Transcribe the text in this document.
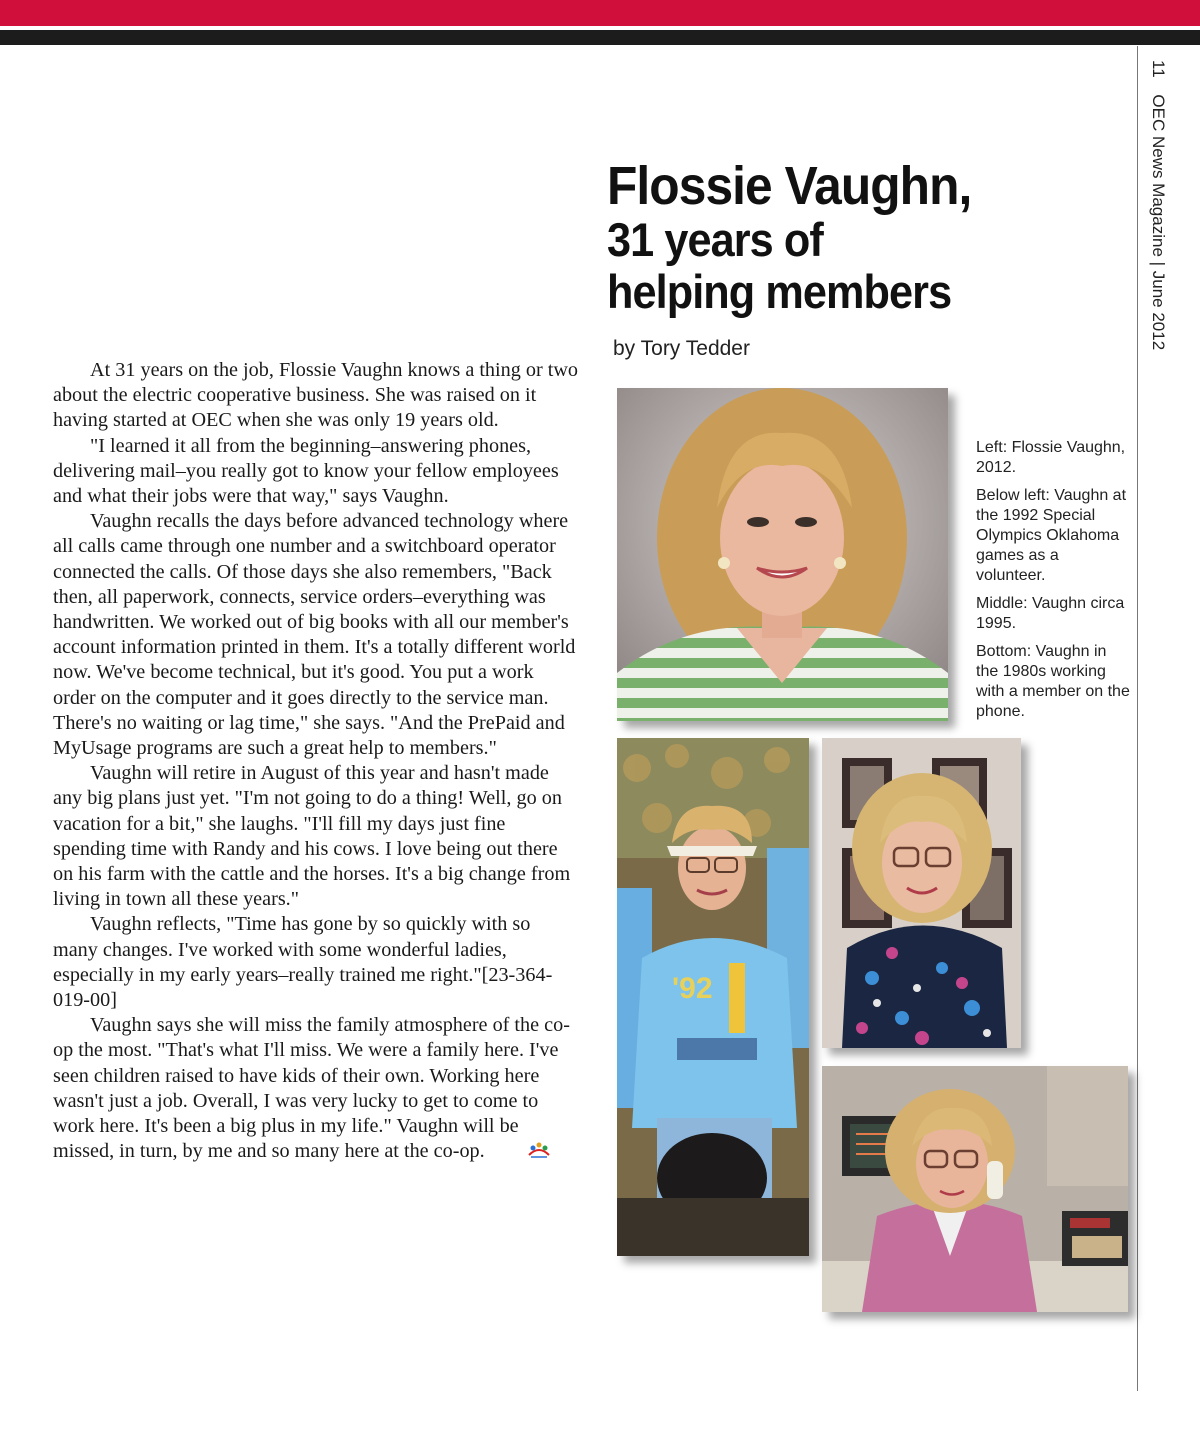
11 OEC News Magazine | June 2012
Flossie Vaughn,
31 years of
helping members
by Tory Tedder

At 31 years on the job, Flossie Vaughn knows a thing or two about the electric cooperative business. She was raised on it having started at OEC when she was only 19 years old.

"I learned it all from the beginning–answering phones, delivering mail–you really got to know your fellow employees and what their jobs were that way," says Vaughn.

Vaughn recalls the days before advanced technology where all calls came through one number and a switchboard operator connected the calls. Of those days she also remembers, "Back then, all paperwork, connects, service orders–everything was handwritten. We worked out of big books with all our member's account information printed in them. It's a totally different world now. We've become technical, but it's good. You put a work order on the computer and it goes directly to the service man. There's no waiting or lag time," she says. "And the PrePaid and MyUsage programs are such a great help to members."

Vaughn will retire in August of this year and hasn't made any big plans just yet. "I'm not going to do a thing! Well, go on vacation for a bit," she laughs. "I'll fill my days just fine spending time with Randy and his cows. I love being out there on his farm with the cattle and the horses. It's a big change from living in town all these years."

Vaughn reflects, "Time has gone by so quickly with so many changes. I've worked with some wonderful ladies, especially in my early years–really trained me right."[23-364-019-00]

Vaughn says she will miss the family atmosphere of the co-op the most. "That's what I'll miss. We were a family here. I've seen children raised to have kids of their own. Working here wasn't just a job. Overall, I was very lucky to get to come to work here. It's been a big plus in my life." Vaughn will be missed, in turn, by me and so many here at the co-op.

'92

Left: Flossie Vaughn, 2012.

Below left: Vaughn at the 1992 Special Olympics Oklahoma games as a volunteer.

Middle: Vaughn circa 1995.

Bottom: Vaughn in the 1980s working with a member on the phone.
